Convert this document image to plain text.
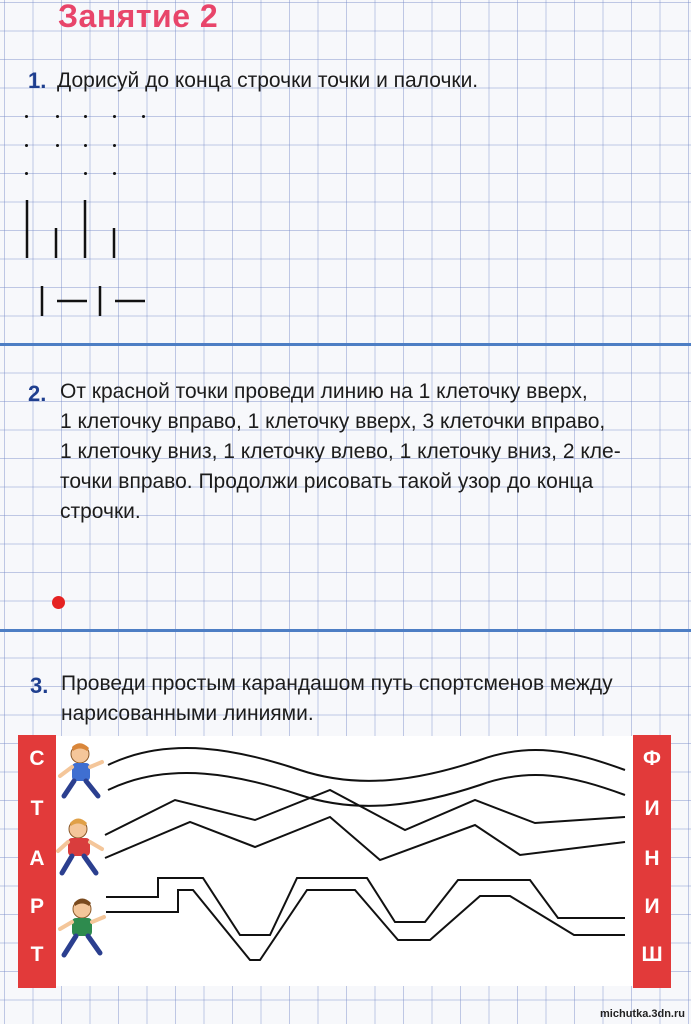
Занятие 2
1. Дорисуй до конца строчки точки и палочки.
2. От красной точки проведи линию на 1 клеточку вверх,
1 клеточку вправо, 1 клеточку вверх, 3 клеточки вправо,
1 клеточку вниз, 1 клеточку влево, 1 клеточку вниз, 2 кле-
точки вправо. Продолжи рисовать такой узор до конца
строчки.
3. Проведи простым карандашом путь спортсменов между
нарисованными линиями.
С
Т
А
Р
Т
Ф
И
Н
И
Ш
michutka.3dn.ru
